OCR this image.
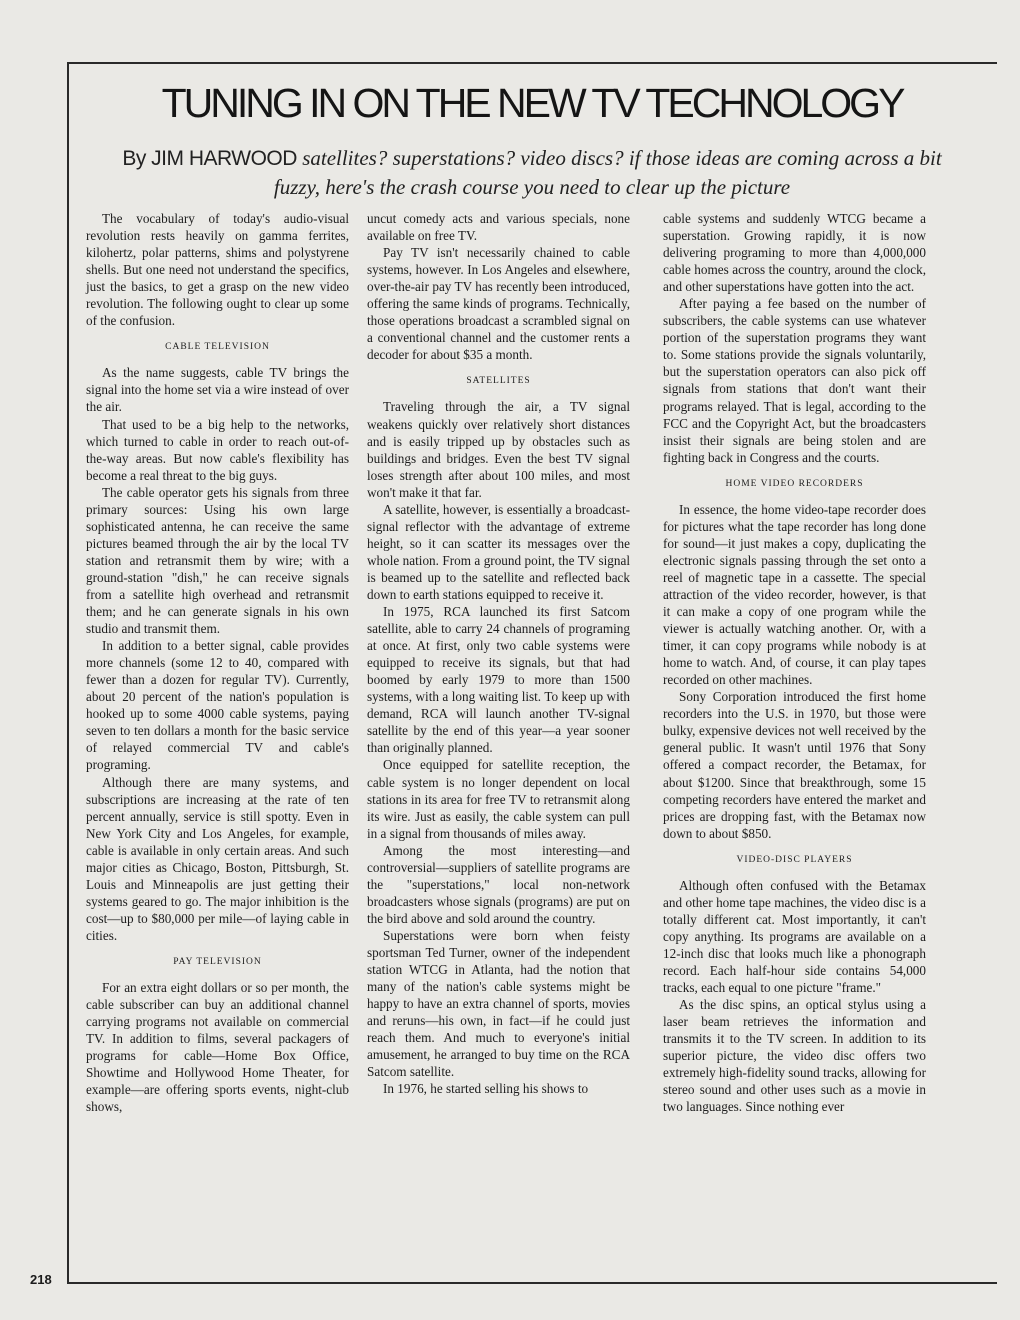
TUNING IN ON THE NEW TV TECHNOLOGY
By JIM HARWOOD satellites? superstations? video discs? if those ideas are coming across a bit fuzzy, here's the crash course you need to clear up the picture

The vocabulary of today's audio-visual revolution rests heavily on gamma ferrites, kilohertz, polar patterns, shims and polystyrene shells. But one need not understand the specifics, just the basics, to get a grasp on the new video revolution. The following ought to clear up some of the confusion.

CABLE TELEVISION

As the name suggests, cable TV brings the signal into the home set via a wire instead of over the air.

That used to be a big help to the networks, which turned to cable in order to reach out-of-the-way areas. But now cable's flexibility has become a real threat to the big guys.

The cable operator gets his signals from three primary sources: Using his own large sophisticated antenna, he can receive the same pictures beamed through the air by the local TV station and retransmit them by wire; with a ground-station "dish," he can receive signals from a satellite high overhead and retransmit them; and he can generate signals in his own studio and transmit them.

In addition to a better signal, cable provides more channels (some 12 to 40, compared with fewer than a dozen for regular TV). Currently, about 20 percent of the nation's population is hooked up to some 4000 cable systems, paying seven to ten dollars a month for the basic service of relayed commercial TV and cable's programing.

Although there are many systems, and subscriptions are increasing at the rate of ten percent annually, service is still spotty. Even in New York City and Los Angeles, for example, cable is available in only certain areas. And such major cities as Chicago, Boston, Pittsburgh, St. Louis and Minneapolis are just getting their systems geared to go. The major inhibition is the cost—up to $80,000 per mile—of laying cable in cities.

PAY TELEVISION

For an extra eight dollars or so per month, the cable subscriber can buy an additional channel carrying programs not available on commercial TV. In addition to films, several packagers of programs for cable—Home Box Office, Showtime and Hollywood Home Theater, for example—are offering sports events, night-club shows,

uncut comedy acts and various specials, none available on free TV.

Pay TV isn't necessarily chained to cable systems, however. In Los Angeles and elsewhere, over-the-air pay TV has recently been introduced, offering the same kinds of programs. Technically, those operations broadcast a scrambled signal on a conventional channel and the customer rents a decoder for about $35 a month.

SATELLITES

Traveling through the air, a TV signal weakens quickly over relatively short distances and is easily tripped up by obstacles such as buildings and bridges. Even the best TV signal loses strength after about 100 miles, and most won't make it that far.

A satellite, however, is essentially a broadcast-signal reflector with the advantage of extreme height, so it can scatter its messages over the whole nation. From a ground point, the TV signal is beamed up to the satellite and reflected back down to earth stations equipped to receive it.

In 1975, RCA launched its first Satcom satellite, able to carry 24 channels of programing at once. At first, only two cable systems were equipped to receive its signals, but that had boomed by early 1979 to more than 1500 systems, with a long waiting list. To keep up with demand, RCA will launch another TV-signal satellite by the end of this year—a year sooner than originally planned.

Once equipped for satellite reception, the cable system is no longer dependent on local stations in its area for free TV to retransmit along its wire. Just as easily, the cable system can pull in a signal from thousands of miles away.

Among the most interesting—and controversial—suppliers of satellite programs are the "superstations," local non-network broadcasters whose signals (programs) are put on the bird above and sold around the country.

Superstations were born when feisty sportsman Ted Turner, owner of the independent station WTCG in Atlanta, had the notion that many of the nation's cable systems might be happy to have an extra channel of sports, movies and reruns—his own, in fact—if he could just reach them. And much to everyone's initial amusement, he arranged to buy time on the RCA Satcom satellite.

In 1976, he started selling his shows to

cable systems and suddenly WTCG became a superstation. Growing rapidly, it is now delivering programing to more than 4,000,000 cable homes across the country, around the clock, and other superstations have gotten into the act.

After paying a fee based on the number of subscribers, the cable systems can use whatever portion of the superstation programs they want to. Some stations provide the signals voluntarily, but the superstation operators can also pick off signals from stations that don't want their programs relayed. That is legal, according to the FCC and the Copyright Act, but the broadcasters insist their signals are being stolen and are fighting back in Congress and the courts.

HOME VIDEO RECORDERS

In essence, the home video-tape recorder does for pictures what the tape recorder has long done for sound—it just makes a copy, duplicating the electronic signals passing through the set onto a reel of magnetic tape in a cassette. The special attraction of the video recorder, however, is that it can make a copy of one program while the viewer is actually watching another. Or, with a timer, it can copy programs while nobody is at home to watch. And, of course, it can play tapes recorded on other machines.

Sony Corporation introduced the first home recorders into the U.S. in 1970, but those were bulky, expensive devices not well received by the general public. It wasn't until 1976 that Sony offered a compact recorder, the Betamax, for about $1200. Since that breakthrough, some 15 competing recorders have entered the market and prices are dropping fast, with the Betamax now down to about $850.

VIDEO-DISC PLAYERS

Although often confused with the Betamax and other home tape machines, the video disc is a totally different cat. Most importantly, it can't copy anything. Its programs are available on a 12-inch disc that looks much like a phonograph record. Each half-hour side contains 54,000 tracks, each equal to one picture "frame."

As the disc spins, an optical stylus using a laser beam retrieves the information and transmits it to the TV screen. In addition to its superior picture, the video disc offers two extremely high-fidelity sound tracks, allowing for stereo sound and other uses such as a movie in two languages. Since nothing ever

218
